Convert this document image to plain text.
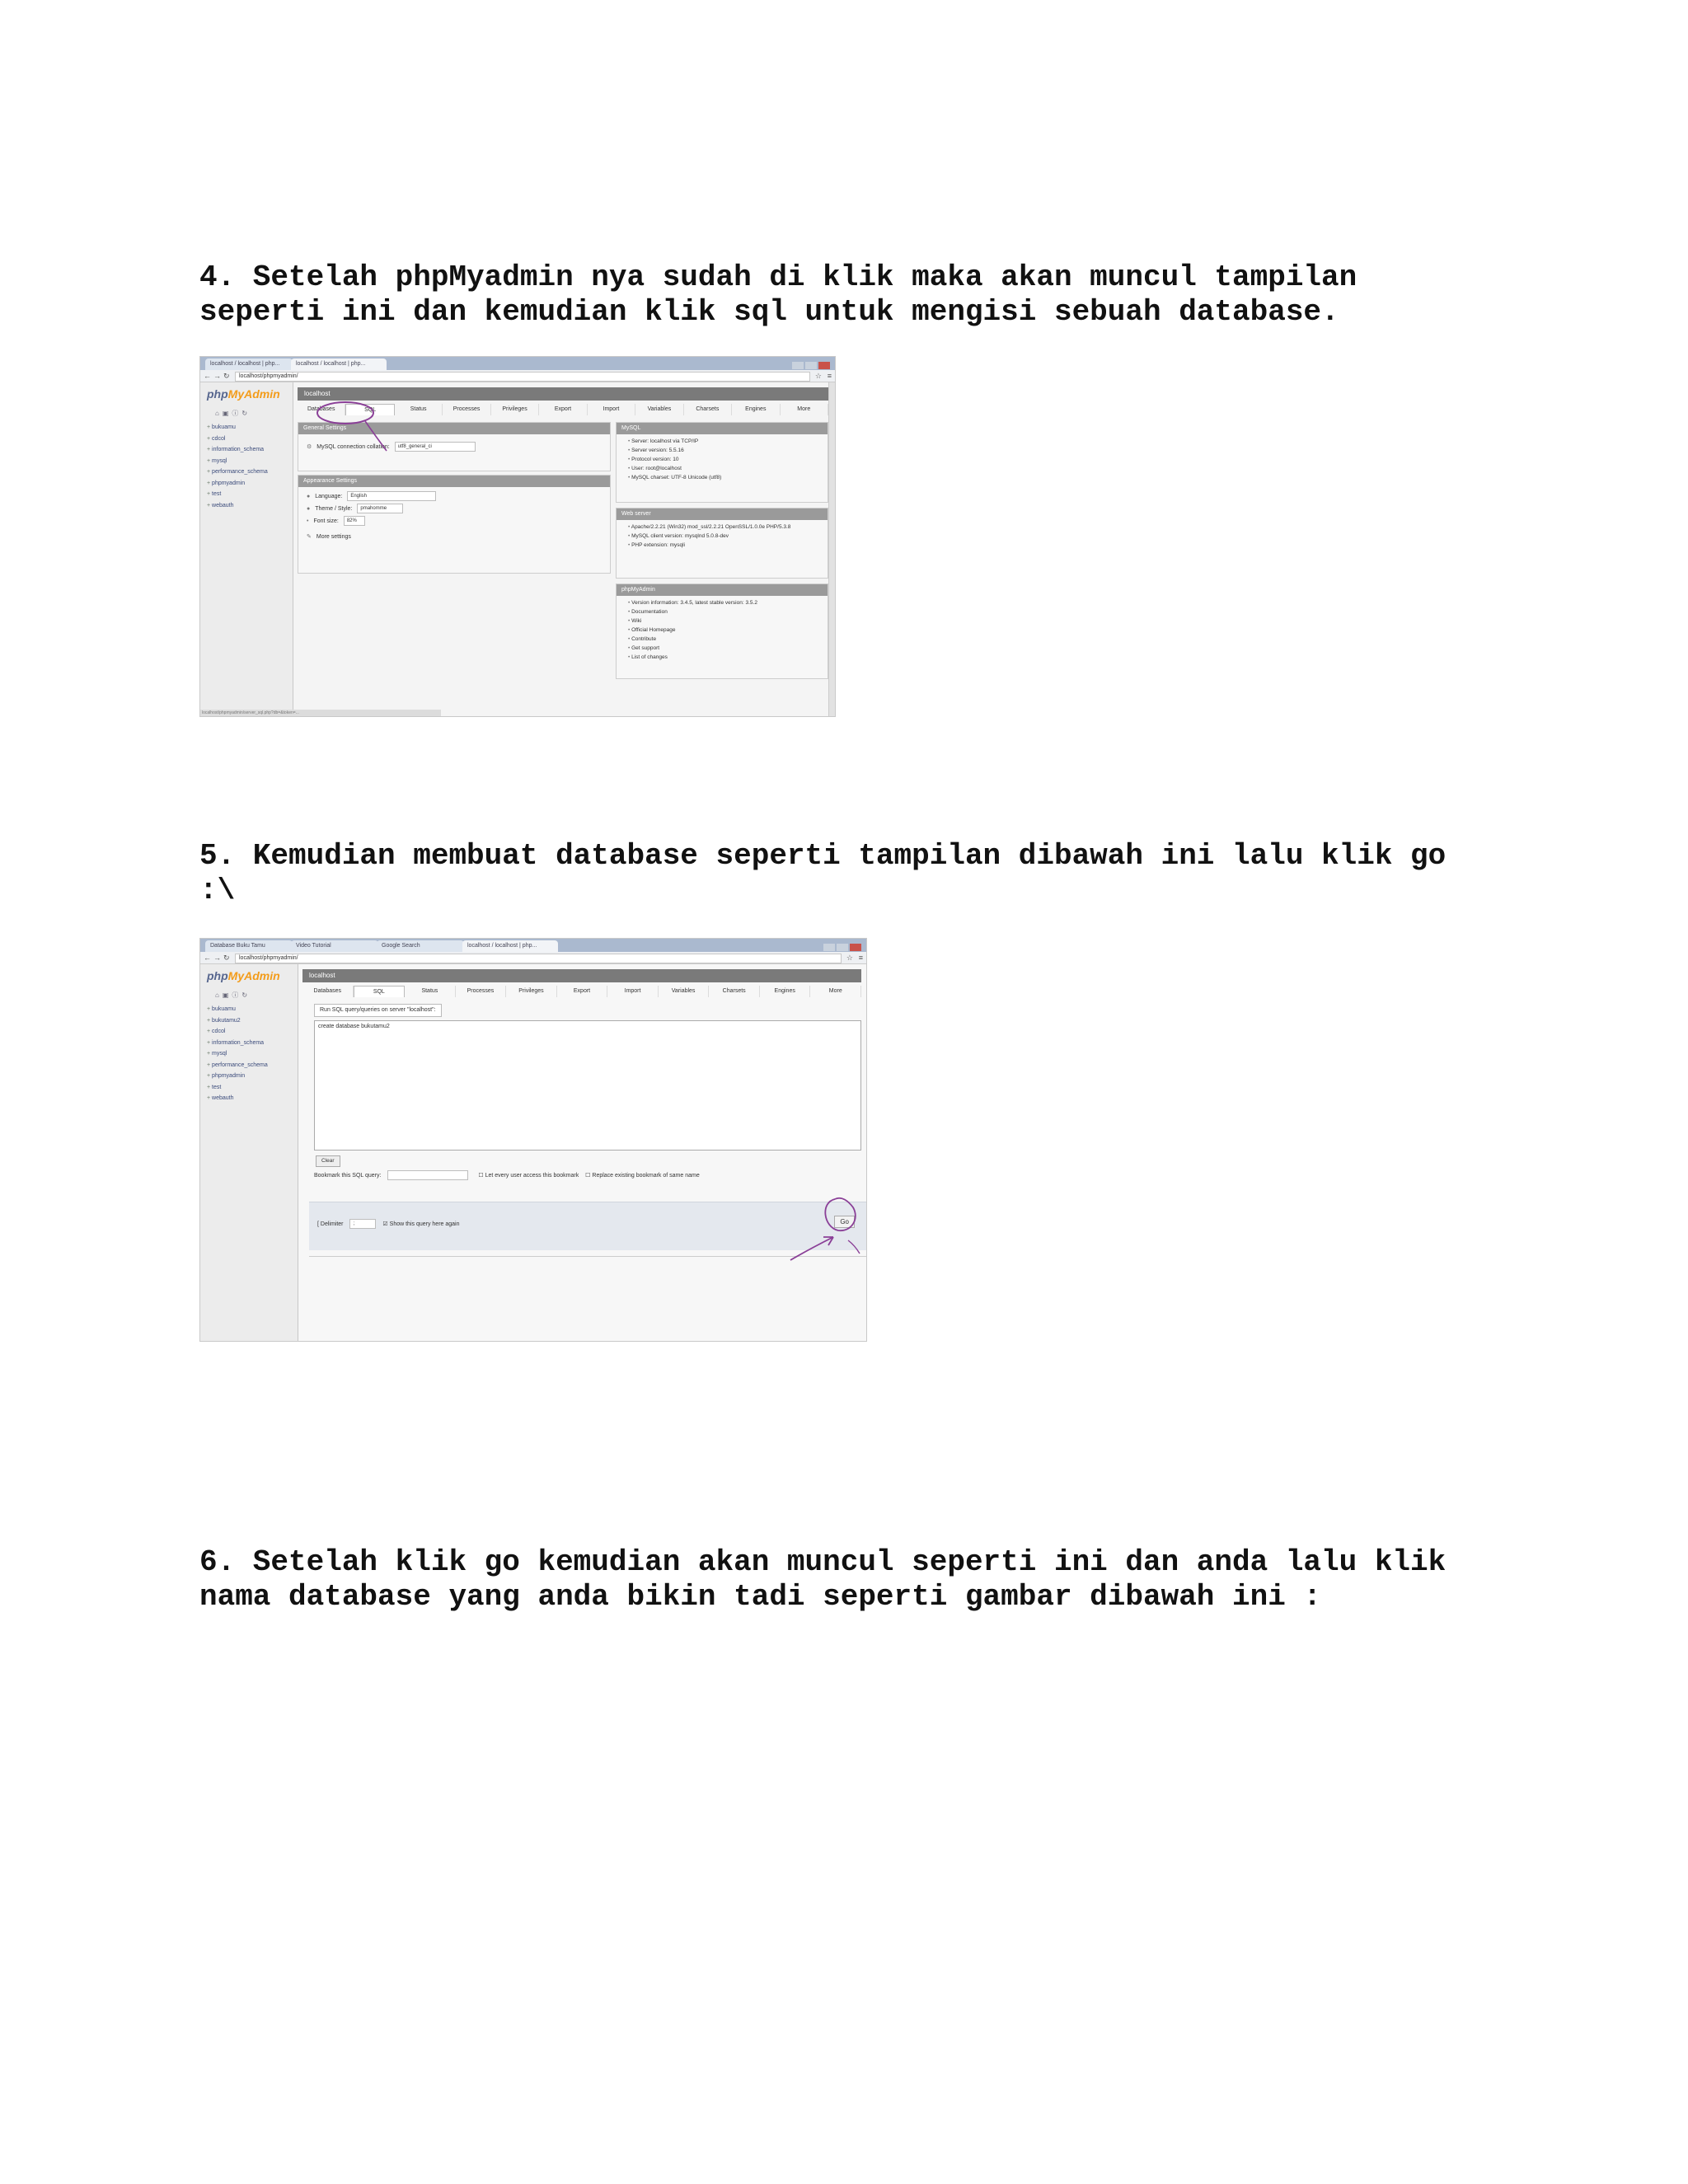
4. Setelah phpMyadmin nya sudah di klik maka akan muncul tampilan
seperti ini dan kemudian klik sql untuk mengisi sebuah database.

5. Kemudian membuat database seperti tampilan dibawah ini lalu klik go
:\

6. Setelah klik go kemudian akan muncul seperti ini dan anda lalu klik
nama database yang anda bikin tadi seperti gambar dibawah ini :

localhost / localhost | php...	localhost / localhost | php...
← → ↻	localhost/phpmyadmin/	☆ ≡
phpMyAdmin
⌂▣ⓘ↻
+ bukuamu
+ cdcol
+ information_schema
+ mysql
+ performance_schema
+ phpmyadmin
+ test
+ webauth
localhost/phpmyadmin/server_sql.php?db=&token=...
localhost
Databases	SQL	Status	Processes	Privileges	Export	Import	Variables	Charsets	Engines	More
General Settings
⚙ MySQL connection collation: utf8_general_ci
Appearance Settings
● Language: English
● Theme / Style: pmahomme
• Font size: 82%
✎ More settings
MySQL
• Server: localhost via TCP/IP
• Server version: 5.5.16
• Protocol version: 10
• User: root@localhost
• MySQL charset: UTF-8 Unicode (utf8)
Web server
• Apache/2.2.21 (Win32) mod_ssl/2.2.21 OpenSSL/1.0.0e PHP/5.3.8
• MySQL client version: mysqlnd 5.0.8-dev
• PHP extension: mysqli
phpMyAdmin
• Version information: 3.4.5, latest stable version: 3.5.2
• Documentation
• Wiki
• Official Homepage
• Contribute
• Get support
• List of changes
Database Buku Tamu	Video Tutorial	Google Search	localhost / localhost | php...
← → ↻	localhost/phpmyadmin/	☆ ≡
phpMyAdmin
⌂▣ⓘ↻
+ bukuamu
+ bukutamu2
+ cdcol
+ information_schema
+ mysql
+ performance_schema
+ phpmyadmin
+ test
+ webauth
localhost
Databases	SQL	Status	Processes	Privileges	Export	Import	Variables	Charsets	Engines	More
Run SQL query/queries on server "localhost":
create database bukutamu2
Clear
Bookmark this SQL query:	☐ Let every user access this bookmark ☐ Replace existing bookmark of same name
[ Delimiter ;	☑ Show this query here again	Go
